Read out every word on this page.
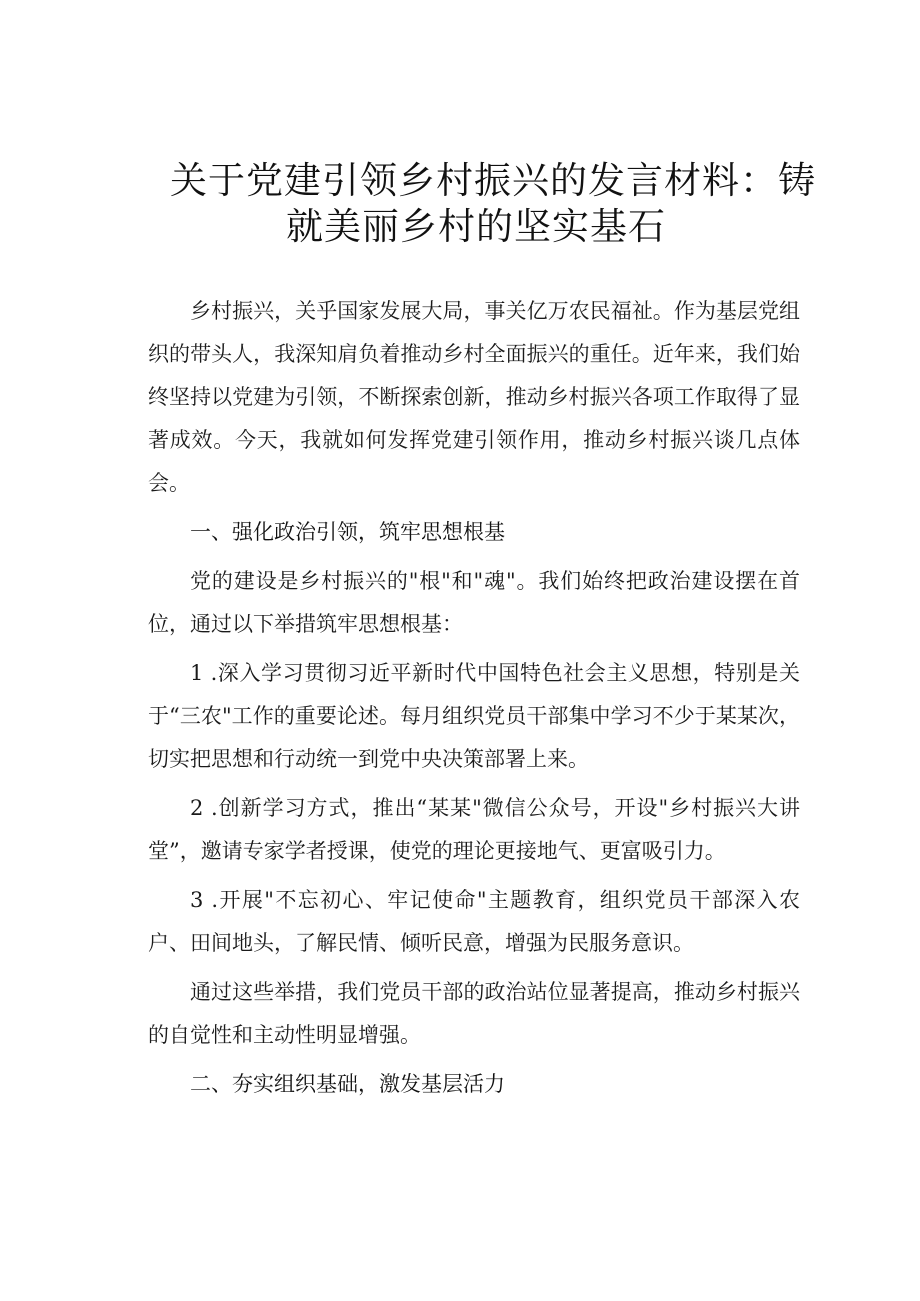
关于党建引领乡村振兴的发言材料：铸
就美丽乡村的坚实基石

乡村振兴，关乎国家发展大局，事关亿万农民福祉。作为基层党组织的带头人，我深知肩负着推动乡村全面振兴的重任。近年来，我们始终坚持以党建为引领，不断探索创新，推动乡村振兴各项工作取得了显著成效。今天，我就如何发挥党建引领作用，推动乡村振兴谈几点体会。

一、强化政治引领，筑牢思想根基

党的建设是乡村振兴的"根"和"魂"。我们始终把政治建设摆在首位，通过以下举措筑牢思想根基：

1 .深入学习贯彻习近平新时代中国特色社会主义思想，特别是关于“三农"工作的重要论述。每月组织党员干部集中学习不少于某某次，切实把思想和行动统一到党中央决策部署上来。

2 .创新学习方式，推出“某某"微信公众号，开设"乡村振兴大讲堂”，邀请专家学者授课，使党的理论更接地气、更富吸引力。

3 .开展"不忘初心、牢记使命"主题教育，组织党员干部深入农户、田间地头，了解民情、倾听民意，增强为民服务意识。

通过这些举措，我们党员干部的政治站位显著提高，推动乡村振兴的自觉性和主动性明显增强。

二、夯实组织基础，激发基层活力
